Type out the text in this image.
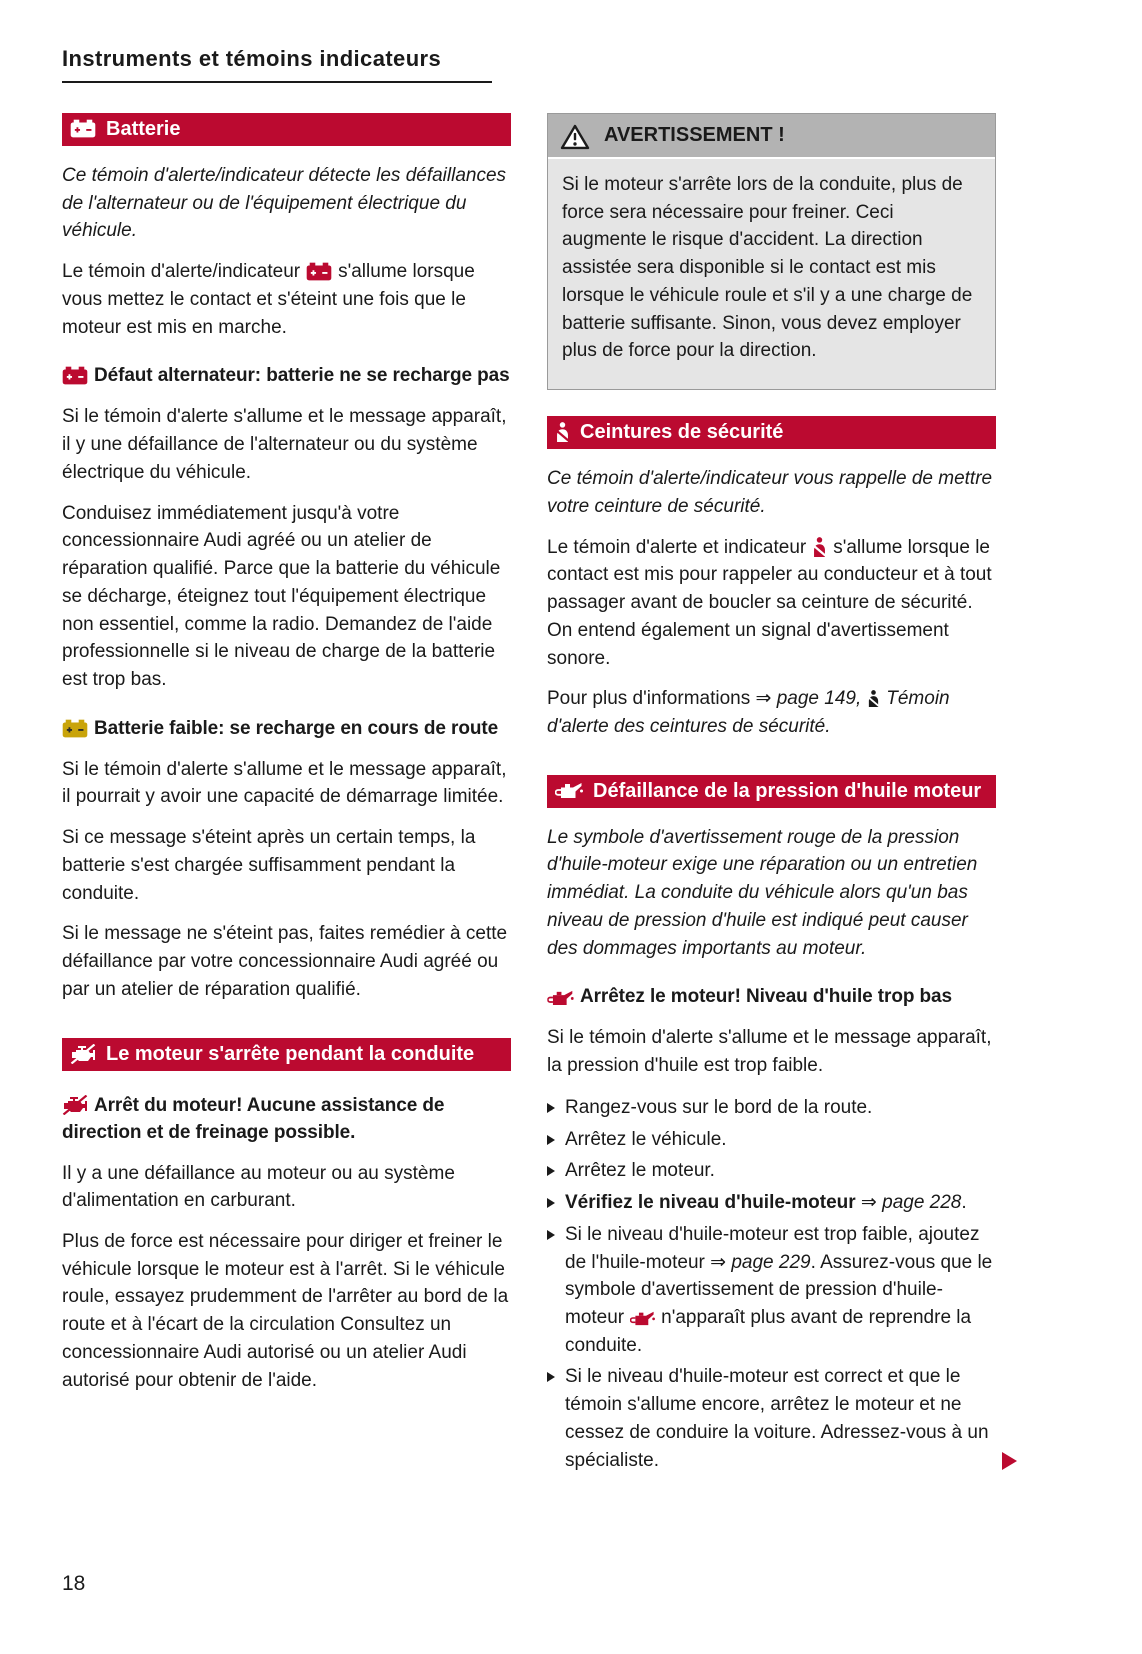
Instruments et témoins indicateurs
Batterie

Ce témoin d'alerte/indicateur détecte les défaillances de l'alternateur ou de l'équipement électrique du véhicule.

Le témoin d'alerte/indicateur s'allume lorsque vous mettez le contact et s'éteint une fois que le moteur est mis en marche.

Défaut alternateur: batterie ne se recharge pas

Si le témoin d'alerte s'allume et le message apparaît, il y une défaillance de l'alternateur ou du système électrique du véhicule.

Conduisez immédiatement jusqu'à votre concessionnaire Audi agréé ou un atelier de réparation qualifié. Parce que la batterie du véhicule se décharge, éteignez tout l'équipement électrique non essentiel, comme la radio. Demandez de l'aide professionnelle si le niveau de charge de la batterie est trop bas.

Batterie faible: se recharge en cours de route

Si le témoin d'alerte s'allume et le message apparaît, il pourrait y avoir une capacité de démarrage limitée.

Si ce message s'éteint après un certain temps, la batterie s'est chargée suffisamment pendant la conduite.

Si le message ne s'éteint pas, faites remédier à cette défaillance par votre concessionnaire Audi agréé ou par un atelier de réparation qualifié.

Le moteur s'arrête pendant la conduite

Arrêt du moteur! Aucune assistance de direction et de freinage possible.

Il y a une défaillance au moteur ou au système d'alimentation en carburant.

Plus de force est nécessaire pour diriger et freiner le véhicule lorsque le moteur est à l'arrêt. Si le véhicule roule, essayez prudemment de l'arrêter au bord de la route et à l'écart de la circulation Consultez un concessionnaire Audi autorisé ou un atelier Audi autorisé pour obtenir de l'aide.

AVERTISSEMENT !

Si le moteur s'arrête lors de la conduite, plus de force sera nécessaire pour freiner. Ceci augmente le risque d'accident. La direction assistée sera disponible si le contact est mis lorsque le véhicule roule et s'il y a une charge de batterie suffisante. Sinon, vous devez employer plus de force pour la direction.

Ceintures de sécurité

Ce témoin d'alerte/indicateur vous rappelle de mettre votre ceinture de sécurité.

Le témoin d'alerte et indicateur s'allume lorsque le contact est mis pour rappeler au conducteur et à tout passager avant de boucler sa ceinture de sécurité. On entend également un signal d'avertissement sonore.

Pour plus d'informations ⇒ page 149, Témoin d'alerte des ceintures de sécurité.

Défaillance de la pression d'huile moteur

Le symbole d'avertissement rouge de la pression d'huile-moteur exige une réparation ou un entretien immédiat. La conduite du véhicule alors qu'un bas niveau de pression d'huile est indiqué peut causer des dommages importants au moteur.

Arrêtez le moteur! Niveau d'huile trop bas

Si le témoin d'alerte s'allume et le message apparaît, la pression d'huile est trop faible.

Rangez-vous sur le bord de la route.
Arrêtez le véhicule.
Arrêtez le moteur.
Vérifiez le niveau d'huile-moteur ⇒ page 228.
Si le niveau d'huile-moteur est trop faible, ajoutez de l'huile-moteur ⇒ page 229. Assurez-vous que le symbole d'avertissement de pression d'huile-moteur n'apparaît plus avant de reprendre la conduite.
Si le niveau d'huile-moteur est correct et que le témoin s'allume encore, arrêtez le moteur et ne cessez de conduire la voiture. Adressez-vous à un spécialiste.
18
